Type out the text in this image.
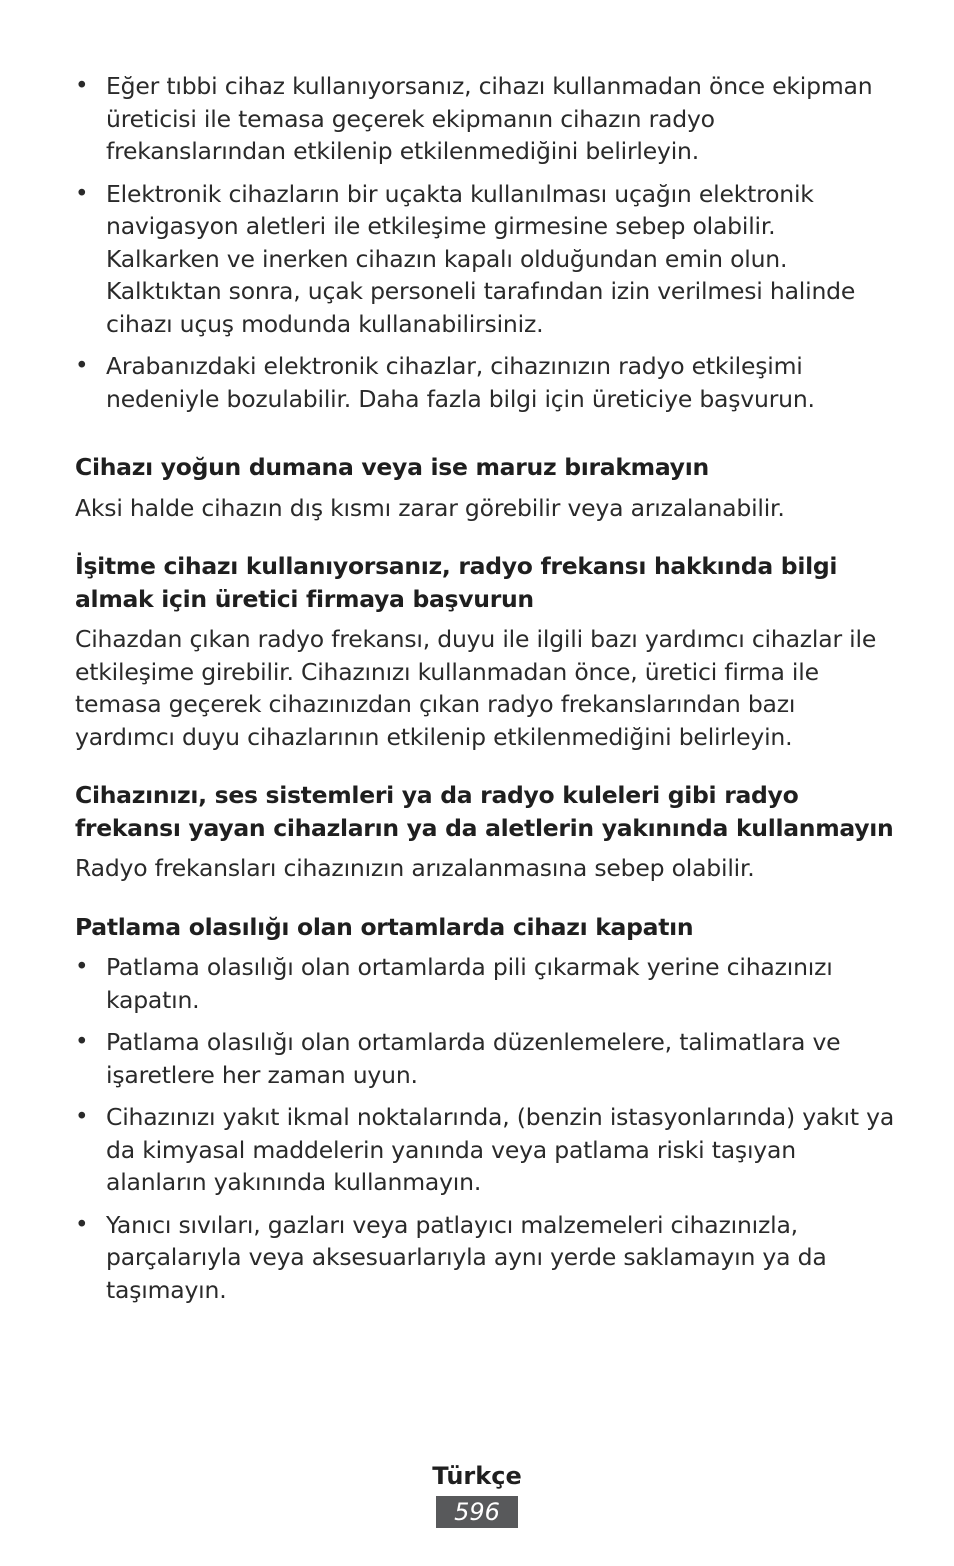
• Eğer tıbbi cihaz kullanıyorsanız, cihazı kullanmadan önce ekipman üreticisi ile temasa geçerek ekipmanın cihazın radyo frekanslarından etkilenip etkilenmediğini belirleyin.
• Elektronik cihazların bir uçakta kullanılması uçağın elektronik navigasyon aletleri ile etkileşime girmesine sebep olabilir. Kalkarken ve inerken cihazın kapalı olduğundan emin olun. Kalktıktan sonra, uçak personeli tarafından izin verilmesi halinde cihazı uçuş modunda kullanabilirsiniz.
• Arabanızdaki elektronik cihazlar, cihazınızın radyo etkileşimi nedeniyle bozulabilir. Daha fazla bilgi için üreticiye başvurun.
Cihazı yoğun dumana veya ise maruz bırakmayın

Aksi halde cihazın dış kısmı zarar görebilir veya arızalanabilir.

İşitme cihazı kullanıyorsanız, radyo frekansı hakkında bilgi almak için üretici firmaya başvurun

Cihazdan çıkan radyo frekansı, duyu ile ilgili bazı yardımcı cihazlar ile etkileşime girebilir. Cihazınızı kullanmadan önce, üretici firma ile temasa geçerek cihazınızdan çıkan radyo frekanslarından bazı yardımcı duyu cihazlarının etkilenip etkilenmediğini belirleyin.

Cihazınızı, ses sistemleri ya da radyo kuleleri gibi radyo frekansı yayan cihazların ya da aletlerin yakınında kullanmayın

Radyo frekansları cihazınızın arızalanmasına sebep olabilir.

Patlama olasılığı olan ortamlarda cihazı kapatın
• Patlama olasılığı olan ortamlarda pili çıkarmak yerine cihazınızı kapatın.
• Patlama olasılığı olan ortamlarda düzenlemelere, talimatlara ve işaretlere her zaman uyun.
• Cihazınızı yakıt ikmal noktalarında, (benzin istasyonlarında) yakıt ya da kimyasal maddelerin yanında veya patlama riski taşıyan alanların yakınında kullanmayın.
• Yanıcı sıvıları, gazları veya patlayıcı malzemeleri cihazınızla, parçalarıyla veya aksesuarlarıyla aynı yerde saklamayın ya da taşımayın.
Türkçe
596
